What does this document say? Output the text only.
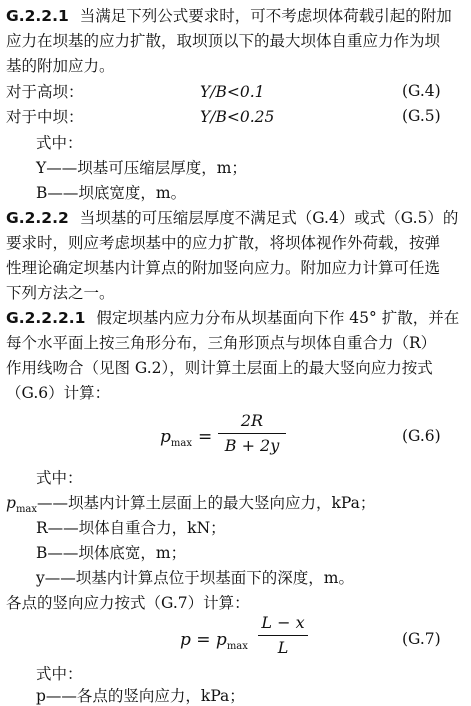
G.2.2.1 当满足下列公式要求时，可不考虑坝体荷载引起的附加
应力在坝基的应力扩散，取坝顶以下的最大坝体自重应力作为坝
基的附加应力。
对于高坝：	Y/B<0.1	(G.4)
对于中坝：	Y/B<0.25	(G.5)
式中：
Y——坝基可压缩层厚度，m；
B——坝底宽度，m。
G.2.2.2 当坝基的可压缩层厚度不满足式（G.4）或式（G.5）的
要求时，则应考虑坝基中的应力扩散，将坝体视作外荷载，按弹
性理论确定坝基内计算点的附加竖向应力。附加应力计算可任选
下列方法之一。
G.2.2.2.1 假定坝基内应力分布从坝基面向下作 45° 扩散，并在
每个水平面上按三角形分布，三角形顶点与坝体自重合力（R）
作用线吻合（见图 G.2），则计算土层面上的最大竖向应力按式
（G.6）计算：
$p_{max}$ =
2R
B + 2y	(G.6)
式中：
$p_{max}——$坝基内计算土层面上的最大竖向应力，kPa；
R——坝体自重合力，kN；
B——坝体底宽，m；
y——坝基内计算点位于坝基面下的深度，m。
各点的竖向应力按式（G.7）计算：
$p = p_{max}$
L − x
L	(G.7)
式中：
p——各点的竖向应力，kPa；
